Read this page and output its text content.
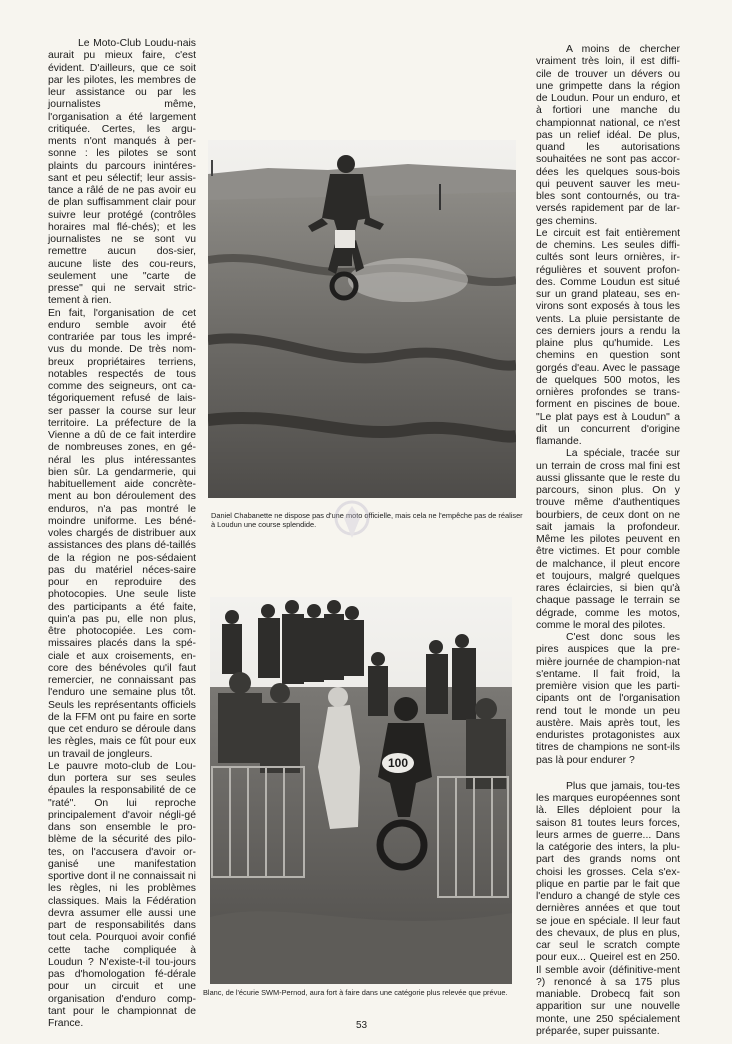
Le Moto-Club Loudu-nais aurait pu mieux faire, c'est évident. D'ailleurs, que ce soit par les pilotes, les membres de leur assistance ou par les journalistes même, l'organisation a été largement critiquée. Certes, les argu-ments n'ont manqués à per-sonne : les pilotes se sont plaints du parcours inintéres-sant et peu sélectif; leur assis-tance a râlé de ne pas avoir eu de plan suffisamment clair pour suivre leur protégé (contrôles horaires mal flé-chés); et les journalistes ne se sont vu remettre aucun dos-sier, aucune liste des cou-reurs, seulement une "carte de presse" qui ne servait stric-tement à rien.

En fait, l'organisation de cet enduro semble avoir été contrariée par tous les impré-vus du monde. De très nom-breux propriétaires terriens, notables respectés de tous comme des seigneurs, ont ca-tégoriquement refusé de lais-ser passer la course sur leur territoire. La préfecture de la Vienne a dû de ce fait interdire de nombreuses zones, en gé-néral les plus intéressantes bien sûr. La gendarmerie, qui habituellement aide concrète-ment au bon déroulement des enduros, n'a pas montré le moindre uniforme. Les béné-voles chargés de distribuer aux assistances des plans dé-taillés de la région ne pos-sédaient pas du matériel néces-saire pour en reproduire des photocopies. Une seule liste des participants a été faite, quin'a pas pu, elle non plus, être photocopiée. Les com-missaires placés dans la spé-ciale et aux croisements, en-core des bénévoles qu'il faut remercier, ne connaissant pas l'enduro une semaine plus tôt. Seuls les représentants officiels de la FFM ont pu faire en sorte que cet enduro se déroule dans les règles, mais ce fût pour eux un travail de jongleurs.

Le pauvre moto-club de Lou-dun portera sur ses seules épaules la responsabilité de ce "raté". On lui reproche principalement d'avoir négli-gé dans son ensemble le pro-blème de la sécurité des pilo-tes, on l'accusera d'avoir or-ganisé une manifestation sportive dont il ne connaissait ni les règles, ni les problèmes classiques. Mais la Fédération devra assumer elle aussi une part de responsabilités dans tout cela. Pourquoi avoir confié cette tache compliquée à Loudun ? N'existe-t-il tou-jours pas d'homologation fé-dérale pour un circuit et une organisation d'enduro comp-tant pour le championnat de France.

Daniel Chabanette ne dispose pas d'une moto officielle, mais cela ne l'empêche pas de réaliser à Loudun une course splendide.
100
Blanc, de l'écurie SWM-Pernod, aura fort à faire dans une catégorie plus relevée que prévue.

A moins de chercher vraiment très loin, il est diffi-cile de trouver un dévers ou une grimpette dans la région de Loudun. Pour un enduro, et à fortiori une manche du championnat national, ce n'est pas un relief idéal. De plus, quand les autorisations souhaitées ne sont pas accor-dées les quelques sous-bois qui peuvent sauver les meu-bles sont contournés, ou tra-versés rapidement par de lar-ges chemins.

Le circuit est fait entièrement de chemins. Les seules diffi-cultés sont leurs ornières, ir-régulières et souvent profon-des. Comme Loudun est situé sur un grand plateau, ses en-virons sont exposés à tous les vents. La pluie persistante de ces derniers jours a rendu la plaine plus qu'humide. Les chemins en question sont gorgés d'eau. Avec le passage de quelques 500 motos, les ornières profondes se trans-forment en piscines de boue. "Le plat pays est à Loudun" a dit un concurrent d'origine flamande.

La spéciale, tracée sur un terrain de cross mal fini est aussi glissante que le reste du parcours, sinon plus. On y trouve même d'authentiques bourbiers, de ceux dont on ne sait jamais la profondeur. Même les pilotes peuvent en être victimes. Et pour comble de malchance, il pleut encore et toujours, malgré quelques rares éclaircies, si bien qu'à chaque passage le terrain se dégrade, comme les motos, comme le moral des pilotes.

C'est donc sous les pires auspices que la pre-mière journée de champion-nat s'entame. Il fait froid, la première vision que les parti-cipants ont de l'organisation rend tout le monde un peu austère. Mais après tout, les enduristes protagonistes aux titres de champions ne sont-ils pas là pour endurer ?

Plus que jamais, tou-tes les marques européennes sont là. Elles déploient pour la saison 81 toutes leurs forces, leurs armes de guerre... Dans la catégorie des inters, la plu-part des grands noms ont choisi les grosses. Cela s'ex-plique en partie par le fait que l'enduro a changé de style ces dernières années et que tout se joue en spéciale. Il leur faut des chevaux, de plus en plus, car seul le scratch compte pour eux... Queirel est en 250. Il semble avoir (définitive-ment ?) renoncé à sa 175 plus maniable. Drobecq fait son apparition sur une nouvelle monte, une 250 spécialement préparée, super puissante.

53
